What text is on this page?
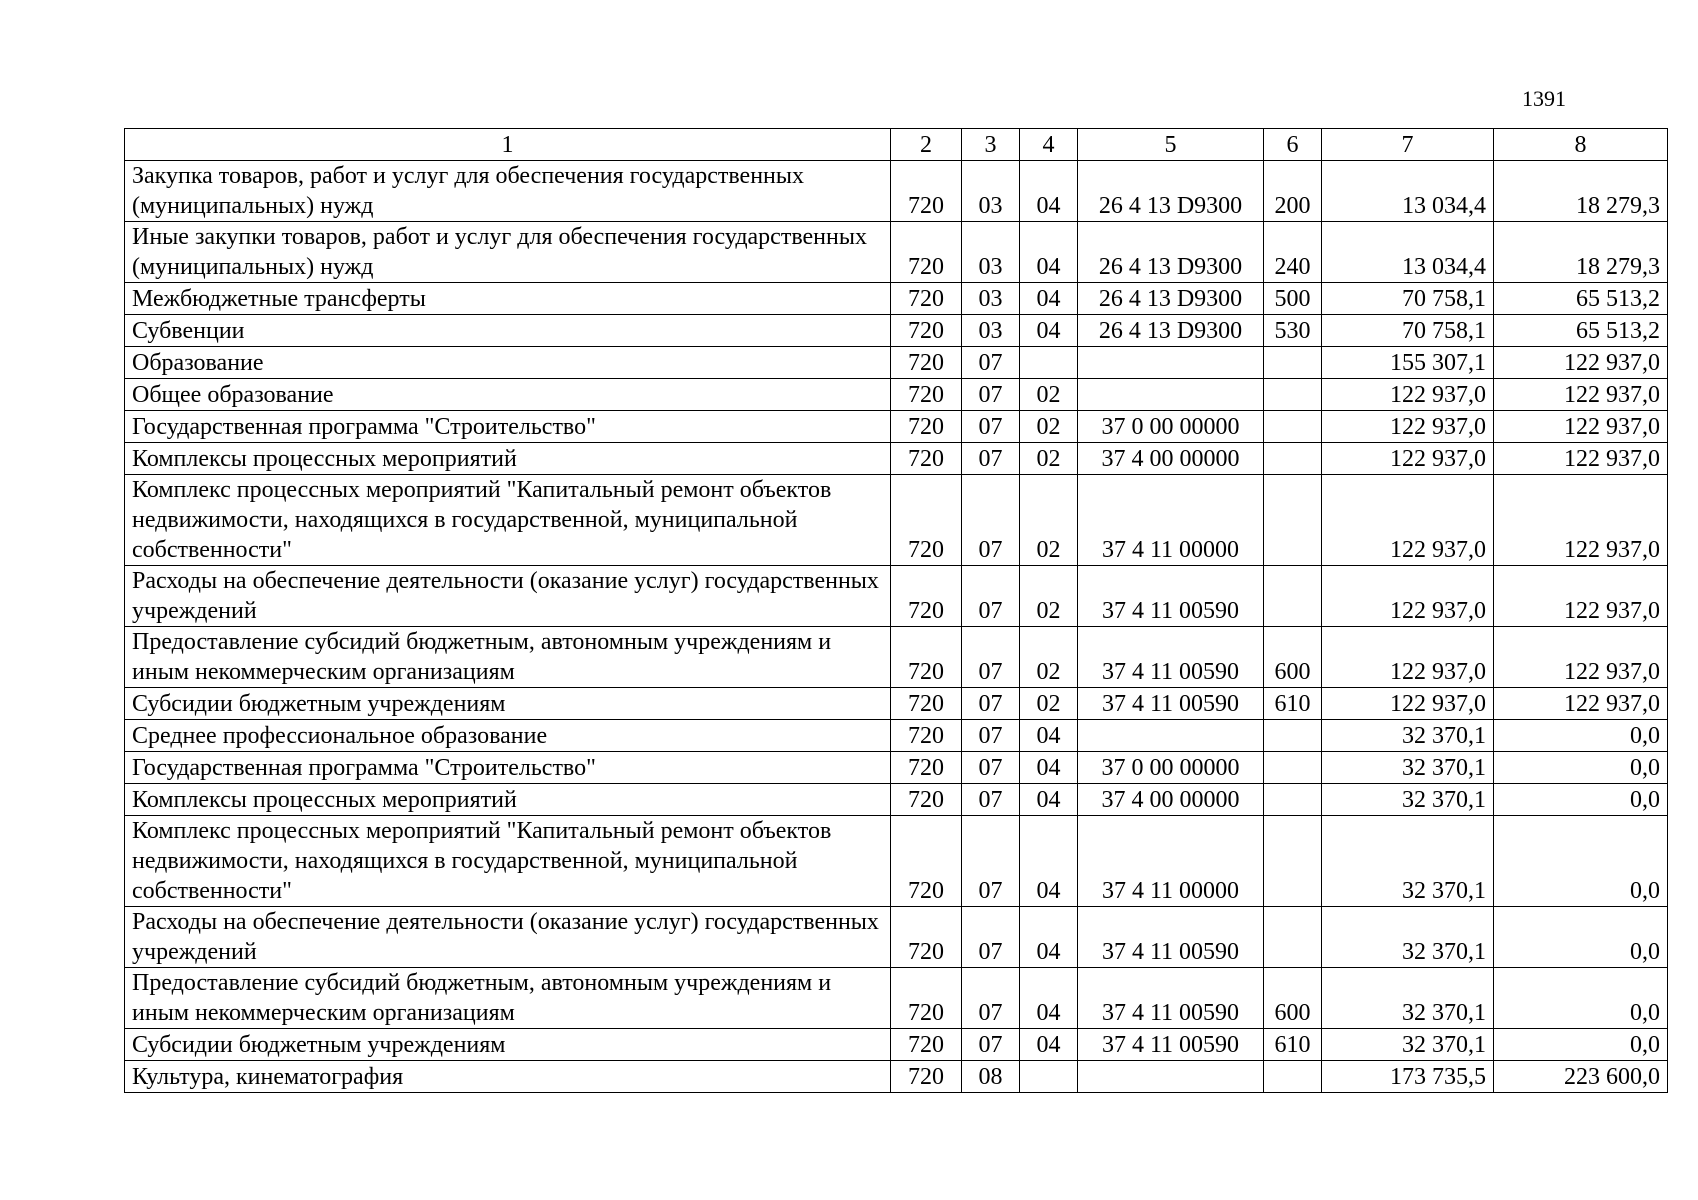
1391
1	2	3	4	5	6	7	8
Закупка товаров, работ и услуг для обеспечения государственных (муниципальных) нужд	720	03	04	26 4 13 D9300	200	13 034,4	18 279,3
Иные закупки товаров, работ и услуг для обеспечения государственных (муниципальных) нужд	720	03	04	26 4 13 D9300	240	13 034,4	18 279,3
Межбюджетные трансферты	720	03	04	26 4 13 D9300	500	70 758,1	65 513,2
Субвенции	720	03	04	26 4 13 D9300	530	70 758,1	65 513,2
Образование	720	07				155 307,1	122 937,0
Общее образование	720	07	02			122 937,0	122 937,0
Государственная программа "Строительство"	720	07	02	37 0 00 00000		122 937,0	122 937,0
Комплексы процессных мероприятий	720	07	02	37 4 00 00000		122 937,0	122 937,0
Комплекс процессных мероприятий "Капитальный ремонт объектов недвижимости, находящихся в государственной, муниципальной собственности"	720	07	02	37 4 11 00000		122 937,0	122 937,0
Расходы на обеспечение деятельности (оказание услуг) государственных учреждений	720	07	02	37 4 11 00590		122 937,0	122 937,0
Предоставление субсидий бюджетным, автономным учреждениям и иным некоммерческим организациям	720	07	02	37 4 11 00590	600	122 937,0	122 937,0
Субсидии бюджетным учреждениям	720	07	02	37 4 11 00590	610	122 937,0	122 937,0
Среднее профессиональное образование	720	07	04			32 370,1	0,0
Государственная программа "Строительство"	720	07	04	37 0 00 00000		32 370,1	0,0
Комплексы процессных мероприятий	720	07	04	37 4 00 00000		32 370,1	0,0
Комплекс процессных мероприятий "Капитальный ремонт объектов недвижимости, находящихся в государственной, муниципальной собственности"	720	07	04	37 4 11 00000		32 370,1	0,0
Расходы на обеспечение деятельности (оказание услуг) государственных учреждений	720	07	04	37 4 11 00590		32 370,1	0,0
Предоставление субсидий бюджетным, автономным учреждениям и иным некоммерческим организациям	720	07	04	37 4 11 00590	600	32 370,1	0,0
Субсидии бюджетным учреждениям	720	07	04	37 4 11 00590	610	32 370,1	0,0
Культура, кинематография	720	08				173 735,5	223 600,0
